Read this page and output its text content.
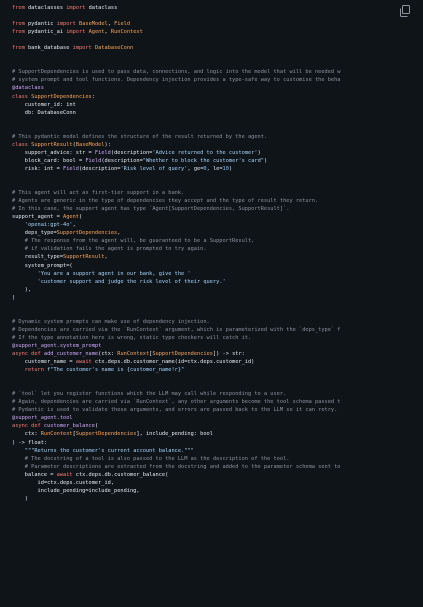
from dataclasses import dataclass

from pydantic import BaseModel, Field
from pydantic_ai import Agent, RunContext

from bank_database import DatabaseConn

# SupportDependencies is used to pass data, connections, and logic into the model that will be needed w
# system prompt and tool functions. Dependency injection provides a type-safe way to customise the beha
@dataclass
class SupportDependencies:
customer_id: int
db: DatabaseConn

# This pydantic model defines the structure of the result returned by the agent.
class SupportResult(BaseModel):
support_advice: str = Field(description='Advice returned to the customer')
block_card: bool = Field(description="Whether to block the customer's card")
risk: int = Field(description='Risk level of query', ge=0, le=10)

# This agent will act as first-tier support in a bank.
# Agents are generic in the type of dependencies they accept and the type of result they return.
# In this case, the support agent has type `Agent[SupportDependencies, SupportResult]`.
support_agent = Agent(
'openai:gpt-4o',
deps_type=SupportDependencies,
# The response from the agent will, be guaranteed to be a SupportResult,
# if validation fails the agent is prompted to try again.
result_type=SupportResult,
system_prompt=(
'You are a support agent in our bank, give the '
'customer support and judge the risk level of their query.'
),
)

# Dynamic system prompts can make use of dependency injection.
# Dependencies are carried via the `RunContext` argument, which is parameterized with the `deps_type` f
# If the type annotation here is wrong, static type checkers will catch it.
@support_agent.system_prompt
async def add_customer_name(ctx: RunContext[SupportDependencies]) -> str:
customer_name = await ctx.deps.db.customer_name(id=ctx.deps.customer_id)
return f"The customer's name is {customer_name!r}"

# `tool` let you register functions which the LLM may call while responding to a user.
# Again, dependencies are carried via `RunContext`, any other arguments become the tool schema passed t
# Pydantic is used to validate these arguments, and errors are passed back to the LLM so it can retry.
@support_agent.tool
async def customer_balance(
ctx: RunContext[SupportDependencies], include_pending: bool
) -> float:
"""Returns the customer's current account balance."""
# The docstring of a tool is also passed to the LLM as the description of the tool.
# Parameter descriptions are extracted from the docstring and added to the parameter schema sent to
balance = await ctx.deps.db.customer_balance(
id=ctx.deps.customer_id,
include_pending=include_pending,
)
